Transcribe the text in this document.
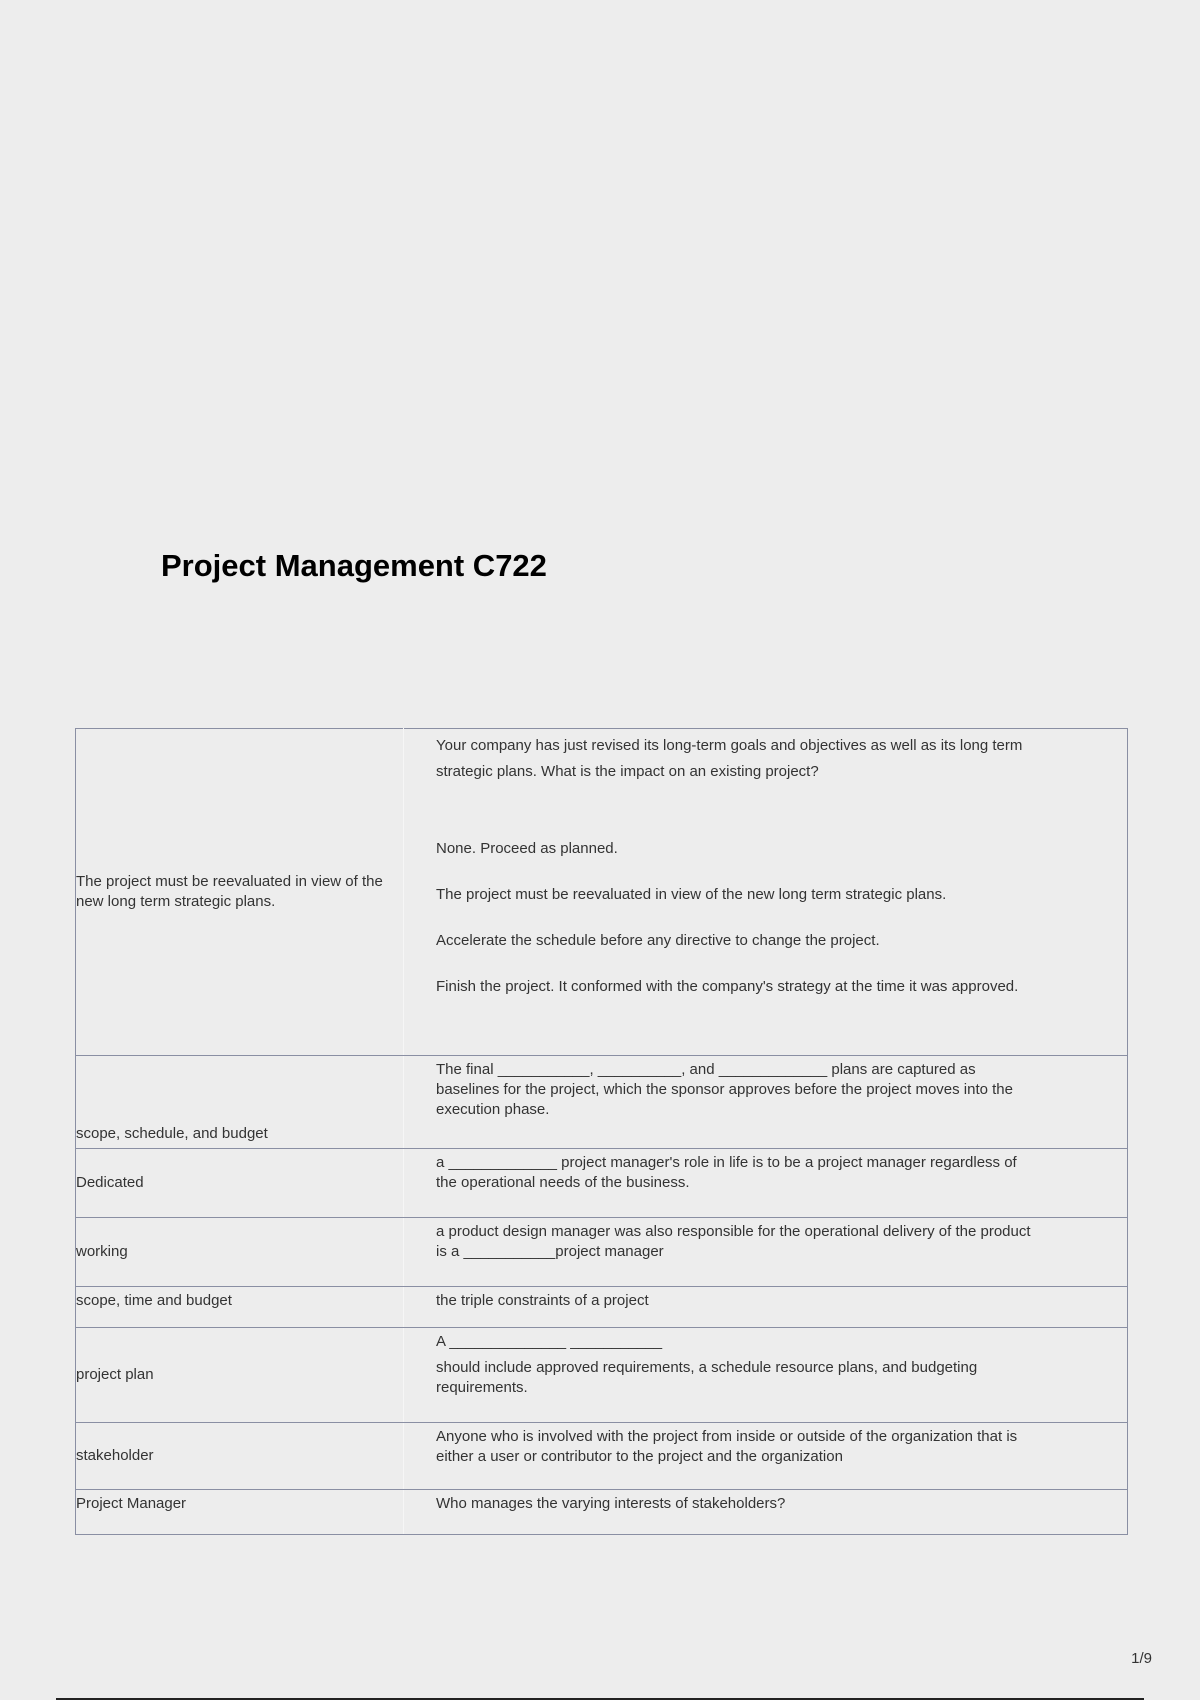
Project Management C722
The project must be reevaluated in view of the new long term strategic plans.	Your company has just revised its long-term goals and objectives as well as its long term strategic plans. What is the impact on an existing project?

None. Proceed as planned.

The project must be reevaluated in view of the new long term strategic plans.

Accelerate the schedule before any directive to change the project.

Finish the project. It conformed with the company's strategy at the time it was approved.

scope, schedule, and budget	The final ___________, __________, and _____________ plans are captured as baselines for the project, which the sponsor approves before the project moves into the execution phase.

Dedicated	a _____________ project manager's role in life is to be a project manager regardless of the operational needs of the business.

working	a product design manager was also responsible for the operational delivery of the product is a ___________project manager

scope, time and budget	the triple constraints of a project

project plan	A ______________ ___________

should include approved requirements, a schedule resource plans, and budgeting requirements.

stakeholder	Anyone who is involved with the project from inside or outside of the organization that is either a user or contributor to the project and the organization

Project Manager	Who manages the varying interests of stakeholders?

1/9
